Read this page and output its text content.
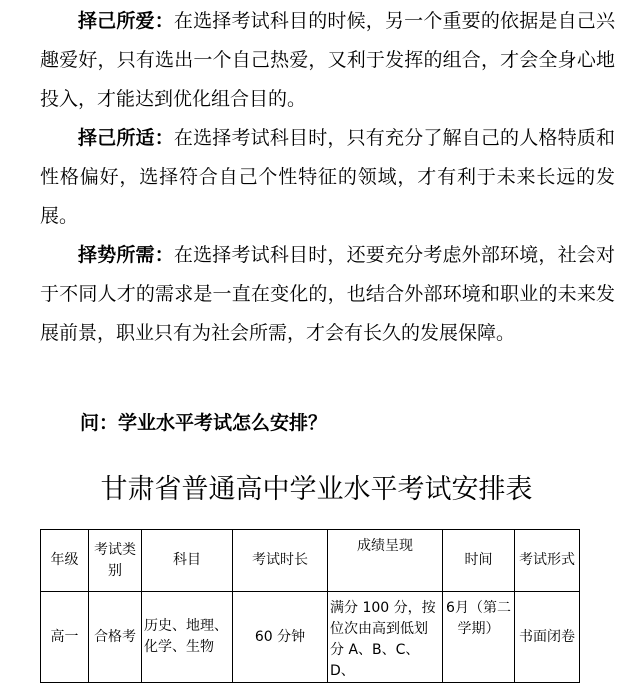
择己所爱：在选择考试科目的时候，另一个重要的依据是自己兴趣爱好，只有选出一个自己热爱，又利于发挥的组合，才会全身心地投入，才能达到优化组合目的。

择己所适：在选择考试科目时，只有充分了解自己的人格特质和性格偏好，选择符合自己个性特征的领域，才有利于未来长远的发展。

择势所需：在选择考试科目时，还要充分考虑外部环境，社会对于不同人才的需求是一直在变化的，也结合外部环境和职业的未来发展前景，职业只有为社会所需，才会有长久的发展保障。

问：学业水平考试怎么安排？

甘肃省普通高中学业水平考试安排表

年级	考试类别	科目	考试时长	成绩呈现	时间	考试形式
高一	合格考	历史、地理、化学、生物	60 分钟	满分 100 分，按位次由高到低划分 A、B、C、D、	6月（第二学期）	书面闭卷
